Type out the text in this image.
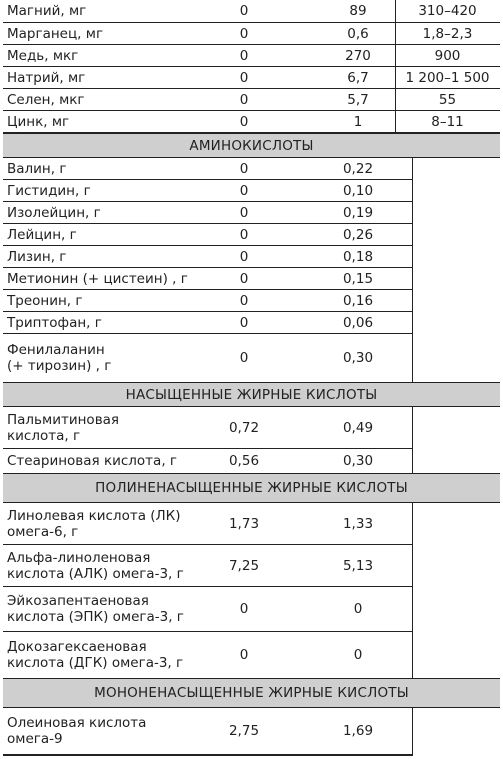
Магний, мг	0	89	310–420
Марганец, мг	0	0,6	1,8–2,3
Медь, мкг	0	270	900
Натрий, мг	0	6,7	1 200–1 500
Селен, мкг	0	5,7	55
Цинк, мг	0	1	8–11
АМИНОКИСЛОТЫ
Валин, г	0	0,22
Гистидин, г	0	0,10
Изолейцин, г	0	0,19
Лейцин, г	0	0,26
Лизин, г	0	0,18
Метионин (+ цистеин) , г	0	0,15
Треонин, г	0	0,16
Триптофан, г	0	0,06
Фенилаланин
(+ тирозин) , г	0	0,30
НАСЫЩЕННЫЕ ЖИРНЫЕ КИСЛОТЫ
Пальмитиновая
кислота, г	0,72	0,49
Стеариновая кислота, г	0,56	0,30
ПОЛИНЕНАСЫЩЕННЫЕ ЖИРНЫЕ КИСЛОТЫ
Линолевая кислота (ЛК)
омега-6, г	1,73	1,33
Альфа-линоленовая
кислота (АЛК) омега-3, г	7,25	5,13
Эйкозапентаеновая
кислота (ЭПК) омега-3, г	0	0
Докозагексаеновая
кислота (ДГК) омега-3, г	0	0
МОНОНЕНАСЫЩЕННЫЕ ЖИРНЫЕ КИСЛОТЫ
Олеиновая кислота
омега-9	2,75	1,69
